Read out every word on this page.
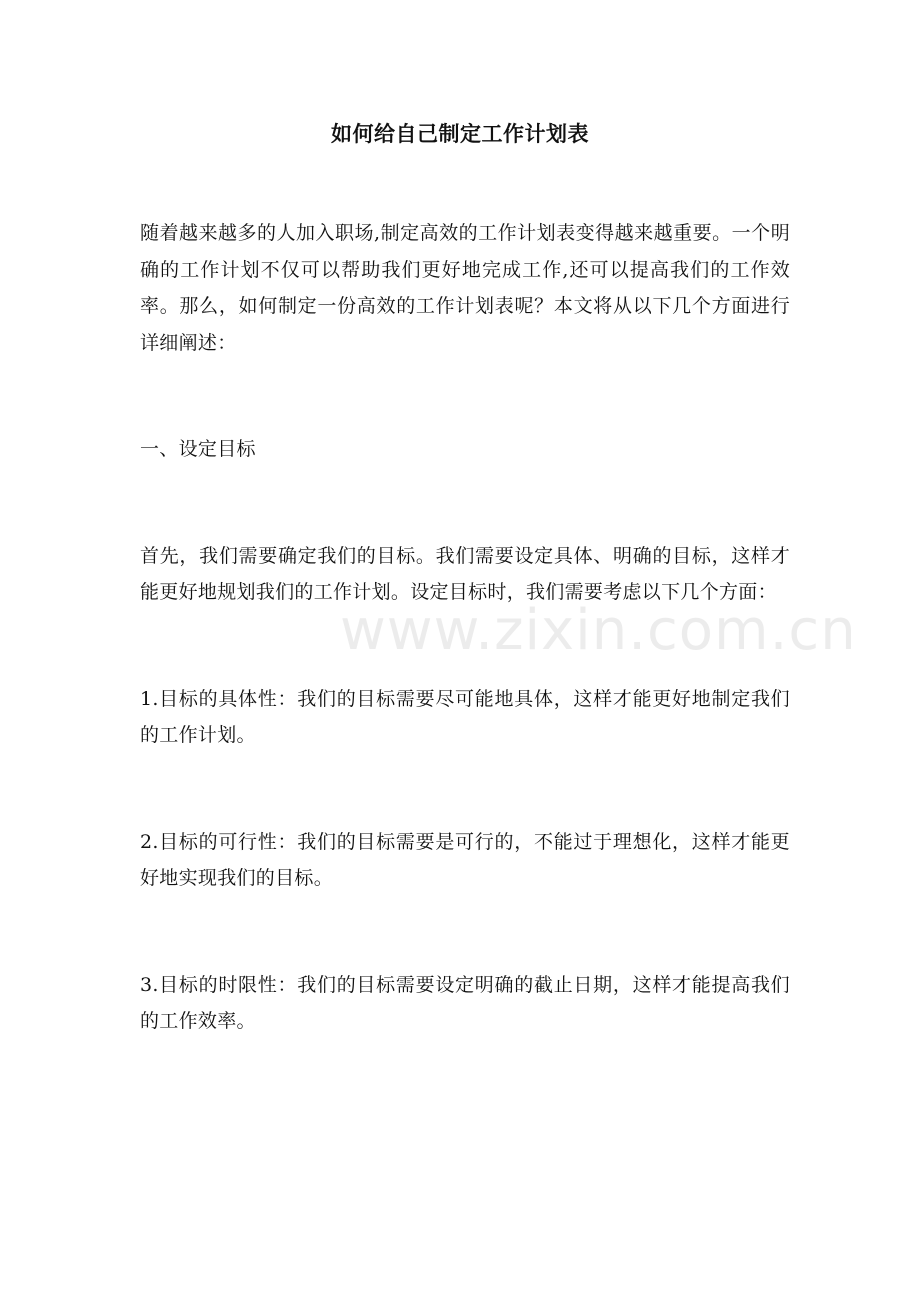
如何给自己制定工作计划表

随着越来越多的人加入职场,制定高效的工作计划表变得越来越重要。一个明确的工作计划不仅可以帮助我们更好地完成工作,还可以提高我们的工作效率。那么，如何制定一份高效的工作计划表呢？本文将从以下几个方面进行详细阐述：

一、设定目标

首先，我们需要确定我们的目标。我们需要设定具体、明确的目标，这样才能更好地规划我们的工作计划。设定目标时，我们需要考虑以下几个方面：

1.目标的具体性：我们的目标需要尽可能地具体，这样才能更好地制定我们的工作计划。

2.目标的可行性：我们的目标需要是可行的，不能过于理想化，这样才能更好地实现我们的目标。

3.目标的时限性：我们的目标需要设定明确的截止日期，这样才能提高我们的工作效率。

www.zixin.com.cn
